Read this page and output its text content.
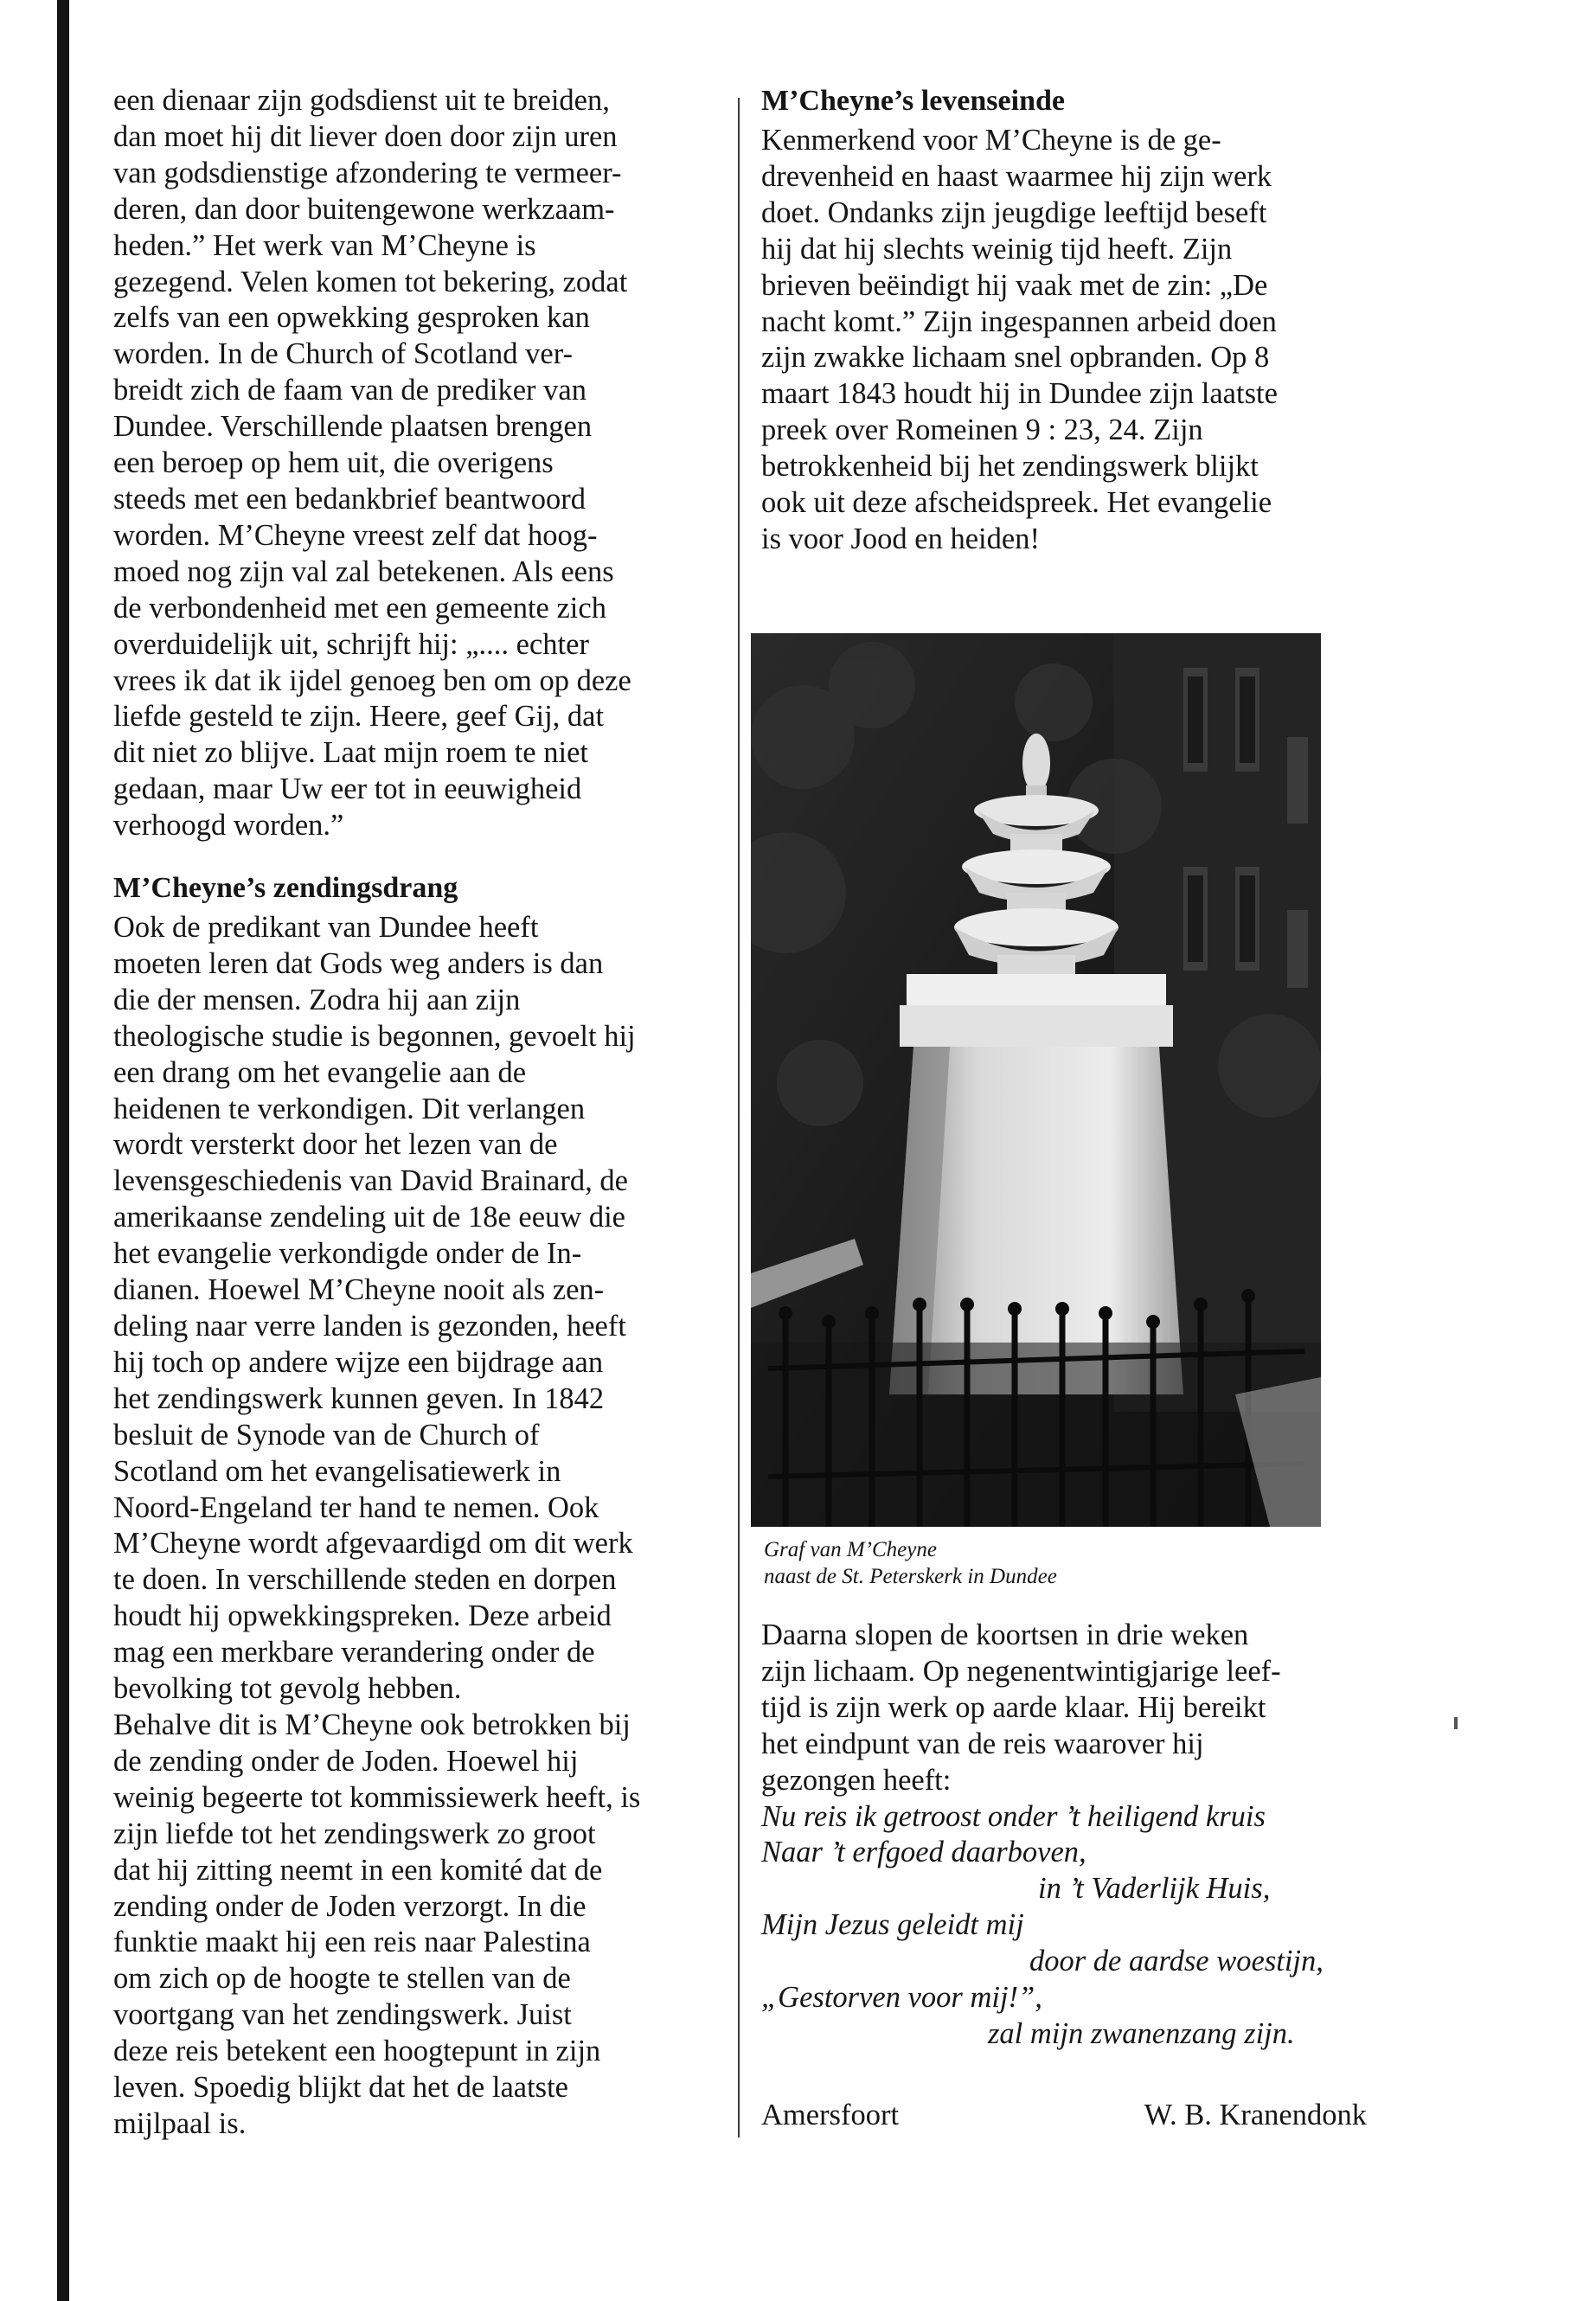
een dienaar zijn godsdienst uit te breiden,
dan moet hij dit liever doen door zijn uren
van godsdienstige afzondering te vermeer-
deren, dan door buitengewone werkzaam-
heden.” Het werk van M’Cheyne is
gezegend. Velen komen tot bekering, zodat
zelfs van een opwekking gesproken kan
worden. In de Church of Scotland ver-
breidt zich de faam van de prediker van
Dundee. Verschillende plaatsen brengen
een beroep op hem uit, die overigens
steeds met een bedankbrief beantwoord
worden. M’Cheyne vreest zelf dat hoog-
moed nog zijn val zal betekenen. Als eens
de verbondenheid met een gemeente zich
overduidelijk uit, schrijft hij: „.... echter
vrees ik dat ik ijdel genoeg ben om op deze
liefde gesteld te zijn. Heere, geef Gij, dat
dit niet zo blijve. Laat mijn roem te niet
gedaan, maar Uw eer tot in eeuwigheid
verhoogd worden.”
M’Cheyne’s zendingsdrang
Ook de predikant van Dundee heeft
moeten leren dat Gods weg anders is dan
die der mensen. Zodra hij aan zijn
theologische studie is begonnen, gevoelt hij
een drang om het evangelie aan de
heidenen te verkondigen. Dit verlangen
wordt versterkt door het lezen van de
levensgeschiedenis van David Brainard, de
amerikaanse zendeling uit de 18e eeuw die
het evangelie verkondigde onder de In-
dianen. Hoewel M’Cheyne nooit als zen-
deling naar verre landen is gezonden, heeft
hij toch op andere wijze een bijdrage aan
het zendingswerk kunnen geven. In 1842
besluit de Synode van de Church of
Scotland om het evangelisatiewerk in
Noord-Engeland ter hand te nemen. Ook
M’Cheyne wordt afgevaardigd om dit werk
te doen. In verschillende steden en dorpen
houdt hij opwekkingspreken. Deze arbeid
mag een merkbare verandering onder de
bevolking tot gevolg hebben.
Behalve dit is M’Cheyne ook betrokken bij
de zending onder de Joden. Hoewel hij
weinig begeerte tot kommissiewerk heeft, is
zijn liefde tot het zendingswerk zo groot
dat hij zitting neemt in een komité dat de
zending onder de Joden verzorgt. In die
funktie maakt hij een reis naar Palestina
om zich op de hoogte te stellen van de
voortgang van het zendingswerk. Juist
deze reis betekent een hoogtepunt in zijn
leven. Spoedig blijkt dat het de laatste
mijlpaal is.
M’Cheyne’s levenseinde
Kenmerkend voor M’Cheyne is de ge-
drevenheid en haast waarmee hij zijn werk
doet. Ondanks zijn jeugdige leeftijd beseft
hij dat hij slechts weinig tijd heeft. Zijn
brieven beëindigt hij vaak met de zin: „De
nacht komt.” Zijn ingespannen arbeid doen
zijn zwakke lichaam snel opbranden. Op 8
maart 1843 houdt hij in Dundee zijn laatste
preek over Romeinen 9 : 23, 24. Zijn
betrokkenheid bij het zendingswerk blijkt
ook uit deze afscheidspreek. Het evangelie
is voor Jood en heiden!
Graf van M’Cheyne
naast de St. Peterskerk in Dundee
Daarna slopen de koortsen in drie weken
zijn lichaam. Op negenentwintigjarige leef-
tijd is zijn werk op aarde klaar. Hij bereikt
het eindpunt van de reis waarover hij
gezongen heeft:
Nu reis ik getroost onder ’t heiligend kruis
Naar ’t erfgoed daarboven,
in ’t Vaderlijk Huis,
Mijn Jezus geleidt mij
door de aardse woestijn,
„Gestorven voor mij!”,
zal mijn zwanenzang zijn.
Amersfoort	W. B. Kranendonk
